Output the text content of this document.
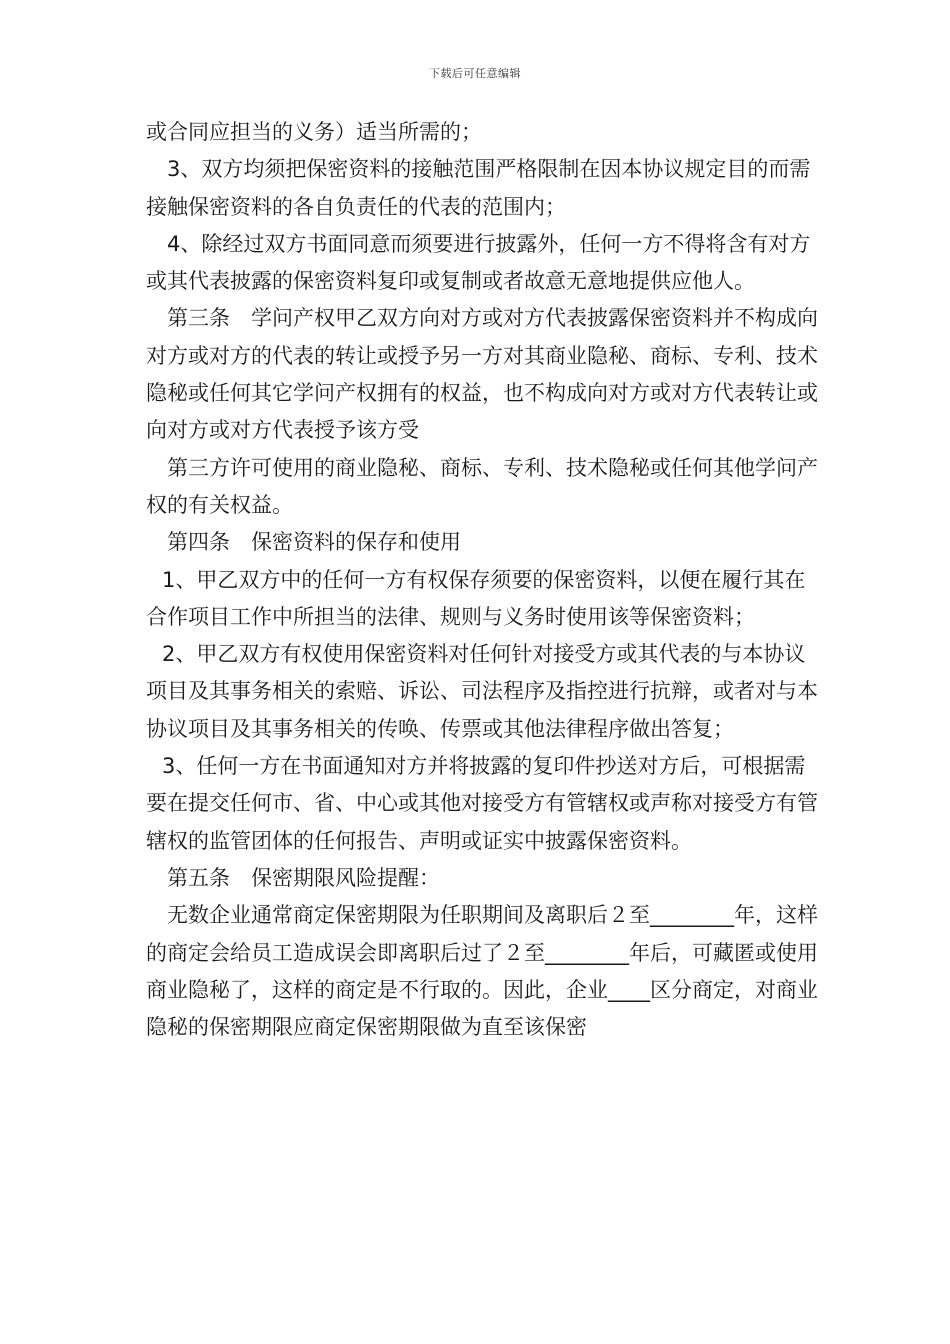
下载后可任意编辑

或合同应担当的义务）适当所需的；

3、双方均须把保密资料的接触范围严格限制在因本协议规定目的而需接触保密资料的各自负责任的代表的范围内；

4、除经过双方书面同意而须要进行披露外，任何一方不得将含有对方或其代表披露的保密资料复印或复制或者故意无意地提供应他人。

第三条　学问产权甲乙双方向对方或对方代表披露保密资料并不构成向对方或对方的代表的转让或授予另一方对其商业隐秘、商标、专利、技术隐秘或任何其它学问产权拥有的权益，也不构成向对方或对方代表转让或向对方或对方代表授予该方受

第三方许可使用的商业隐秘、商标、专利、技术隐秘或任何其他学问产权的有关权益。

第四条　保密资料的保存和使用

1、甲乙双方中的任何一方有权保存须要的保密资料，以便在履行其在合作项目工作中所担当的法律、规则与义务时使用该等保密资料；

2、甲乙双方有权使用保密资料对任何针对接受方或其代表的与本协议项目及其事务相关的索赔、诉讼、司法程序及指控进行抗辩，或者对与本协议项目及其事务相关的传唤、传票或其他法律程序做出答复；

3、任何一方在书面通知对方并将披露的复印件抄送对方后，可根据需要在提交任何市、省、中心或其他对接受方有管辖权或声称对接受方有管辖权的监管团体的任何报告、声明或证实中披露保密资料。

第五条　保密期限风险提醒：

无数企业通常商定保密期限为任职期间及离职后２至________年，这样的商定会给员工造成误会即离职后过了２至________年后，可藏匿或使用商业隐秘了，这样的商定是不行取的。因此，企业____区分商定，对商业隐秘的保密期限应商定保密期限做为直至该保密
